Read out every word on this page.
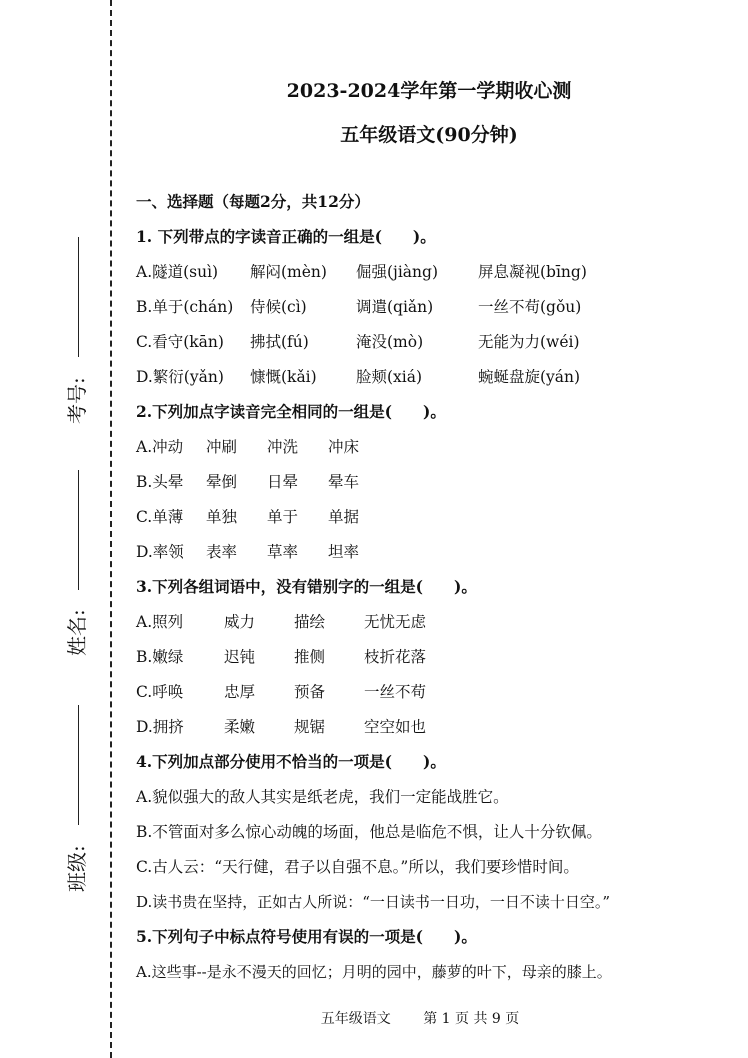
考号:
姓名:
班级:
2023-2024学年第一学期收心测
五年级语文(90分钟)
一、选择题（每题2分，共12分）
1. 下列带点的字读音正确的一组是(　　)。
A.隧道(suì) 解闷(mèn) 倔强(jiàng)	屏息凝视(bīng)
B.单于(chán) 侍候(cì)	调遣(qiǎn)	一丝不苟(gǒu)
C.看守(kān) 拂拭(fú)	淹没(mò)	无能为力(wéi)
D.繁衍(yǎn) 慷慨(kǎi)	脸颊(xiá)	蜿蜒盘旋(yán)
2.下列加点字读音完全相同的一组是(　　)。
A.冲动 冲刷 冲洗 冲床
B.头晕 晕倒 日晕 晕车
C.单薄 单独 单于 单据
D.率领 表率 草率 坦率
3.下列各组词语中，没有错别字的一组是(　　)。
A.照列	威力	描绘	无忧无虑
B.嫩绿	迟钝	推侧	枝折花落
C.呼唤	忠厚	预备	一丝不苟
D.拥挤	柔嫩	规锯	空空如也
4.下列加点部分使用不恰当的一项是(　　)。
A.貌似强大的敌人其实是纸老虎，我们一定能战胜它。
B.不管面对多么惊心动魄的场面，他总是临危不惧，让人十分钦佩。
C.古人云：“天行健，君子以自强不息。”所以，我们要珍惜时间。
D.读书贵在坚持，正如古人所说：“一日读书一日功，一日不读十日空。”
5.下列句子中标点符号使用有误的一项是(　　)。
A.这些事--是永不漫天的回忆；月明的园中，藤萝的叶下，母亲的膝上。
五年级语文 第 1 页 共 9 页
